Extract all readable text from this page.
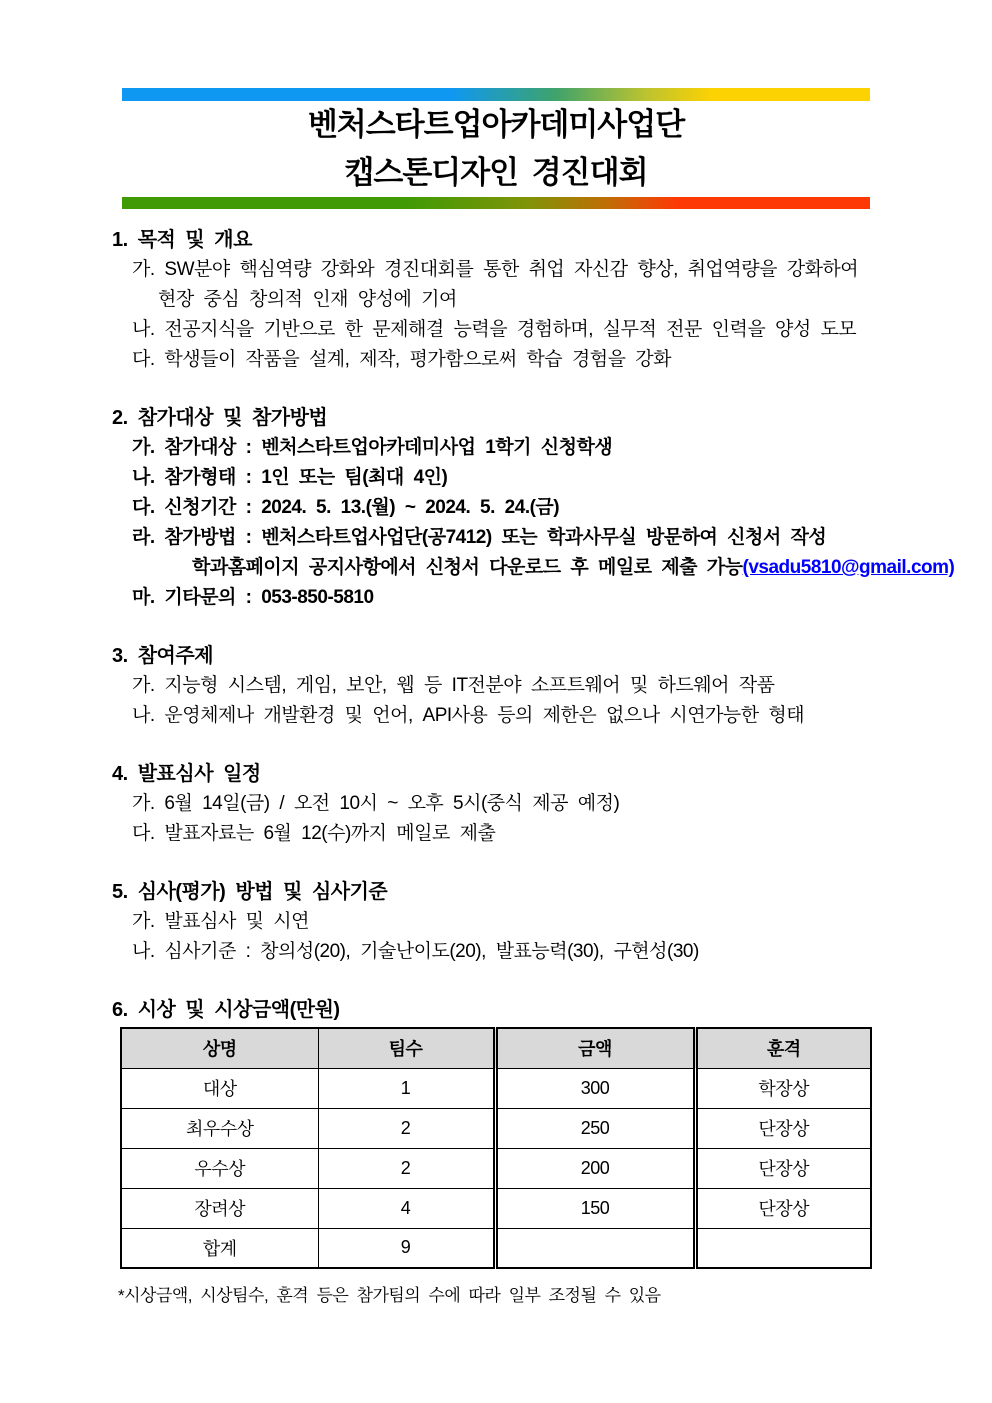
벤처스타트업아카데미사업단
캡스톤디자인 경진대회
1. 목적 및 개요
가. SW분야 핵심역량 강화와 경진대회를 통한 취업 자신감 향상, 취업역량을 강화하여
현장 중심 창의적 인재 양성에 기여
나. 전공지식을 기반으로 한 문제해결 능력을 경험하며, 실무적 전문 인력을 양성 도모
다. 학생들이 작품을 설계, 제작, 평가함으로써 학습 경험을 강화
2. 참가대상 및 참가방법
가. 참가대상 : 벤처스타트업아카데미사업 1학기 신청학생
나. 참가형태 : 1인 또는 팀(최대 4인)
다. 신청기간 : 2024. 5. 13.(월) ~ 2024. 5. 24.(금)
라. 참가방법 : 벤처스타트업사업단(공7412) 또는 학과사무실 방문하여 신청서 작성
학과홈페이지 공지사항에서 신청서 다운로드 후 메일로 제출 가능(vsadu5810@gmail.com)
마. 기타문의 : 053-850-5810
3. 참여주제
가. 지능형 시스템, 게임, 보안, 웹 등 IT전분야 소프트웨어 및 하드웨어 작품
나. 운영체제나 개발환경 및 언어, API사용 등의 제한은 없으나 시연가능한 형태
4. 발표심사 일정
가. 6월 14일(금) / 오전 10시 ~ 오후 5시(중식 제공 예정)
다. 발표자료는 6월 12(수)까지 메일로 제출
5. 심사(평가) 방법 및 심사기준
가. 발표심사 및 시연
나. 심사기준 : 창의성(20), 기술난이도(20), 발표능력(30), 구현성(30)
6. 시상 및 시상금액(만원)
상명	팀수	금액	훈격
대상	1	300	학장상
최우수상	2	250	단장상
우수상	2	200	단장상
장려상	4	150	단장상
합계	9		
*시상금액, 시상팀수, 훈격 등은 참가팀의 수에 따라 일부 조정될 수 있음
